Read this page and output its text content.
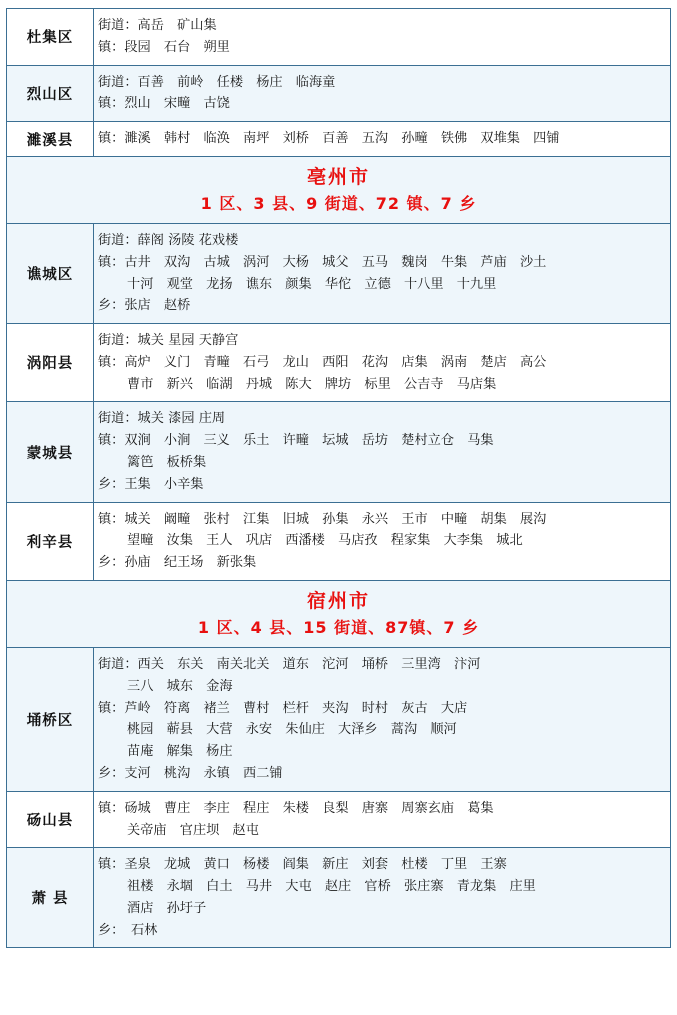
杜集区	街道：高岳　矿山集
镇：段园　石台　朔里

烈山区	街道：百善　前岭　任楼　杨庄　临海童
镇：烈山　宋疃　古饶

濉溪县	镇：濉溪　韩村　临涣　南坪　刘桥　百善　五沟　孙疃　铁佛　双堆集　四铺

亳州市
1 区、3 县、9 街道、72 镇、7 乡	

谯城区	街道：薛阁 汤陵 花戏楼
镇：古井　双沟　古城　涡河　大杨　城父　五马　魏岗　牛集　芦庙　沙土
十河　观堂　龙扬　谯东　颜集　华佗　立德　十八里　十九里
乡：张店　赵桥

涡阳县	街道：城关 星园 天静宫
镇：高炉　义门　青疃　石弓　龙山　西阳　花沟　店集　涡南　楚店　高公
曹市　新兴　临湖　丹城　陈大　牌坊　标里　公吉寺　马店集

蒙城县	街道：城关 漆园 庄周
镇：双涧　小涧　三义　乐土　许疃　坛城　岳坊　楚村立仓　马集
篱笆　板桥集
乡：王集　小辛集

利辛县	镇：城关　阚疃　张村　江集　旧城　孙集　永兴　王市　中疃　胡集　展沟
望疃　汝集　王人　巩店　西潘楼　马店孜　程家集　大李集　城北
乡：孙庙　纪王场　新张集

宿州市
1 区、4 县、15 街道、87镇、7 乡	

埇桥区	
街道：西关　东关　南关北关　道东　沱河　埇桥　三里湾　汴河
三八　城东　金海
镇：芦岭　符离　褚兰　曹村　栏杆　夹沟　时村　灰古　大店
桃园　蕲县　大营　永安　朱仙庄　大泽乡　蒿沟　顺河
苗庵　解集　杨庄
乡：支河　桃沟　永镇　西二铺

砀山县	镇：砀城　曹庄　李庄　程庄　朱楼　良梨　唐寨　周寨玄庙　葛集
关帝庙　官庄坝　赵屯

萧 县	镇：圣泉　龙城　黄口　杨楼　阎集　新庄　刘套　杜楼　丁里　王寨
祖楼　永堌　白土　马井　大屯　赵庄　官桥　张庄寨　青龙集　庄里
酒店　孙圩子
乡：　石林
